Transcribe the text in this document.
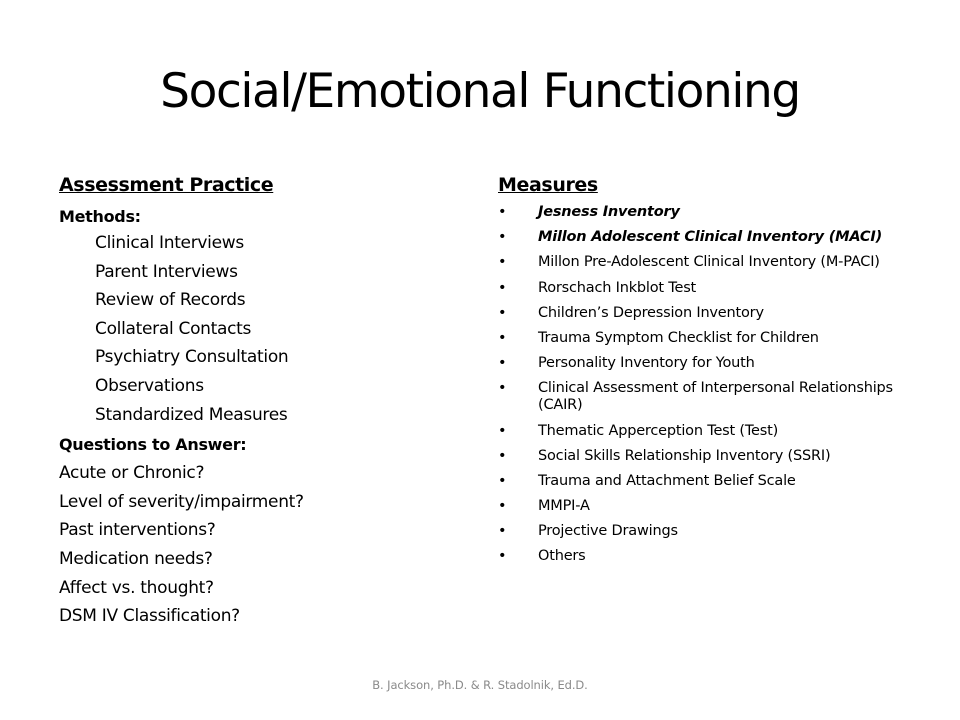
Social/Emotional Functioning
Assessment Practice
Methods:
Clinical Interviews
Parent Interviews
Review of Records
Collateral Contacts
Psychiatry Consultation
Observations
Standardized Measures
Questions to Answer:
Acute or Chronic?
Level of severity/impairment?
Past interventions?
Medication needs?
Affect vs. thought?
DSM IV Classification?
Measures
• Jesness Inventory
• Millon Adolescent Clinical Inventory (MACI)
• Millon Pre-Adolescent Clinical Inventory (M-PACI)
• Rorschach Inkblot Test
• Children’s Depression Inventory
• Trauma Symptom Checklist for Children
• Personality Inventory for Youth
• Clinical Assessment of Interpersonal Relationships (CAIR)
• Thematic Apperception Test (Test)
• Social Skills Relationship Inventory (SSRI)
• Trauma and Attachment Belief Scale
• MMPI-A
• Projective Drawings
• Others
B. Jackson, Ph.D. & R. Stadolnik, Ed.D.
